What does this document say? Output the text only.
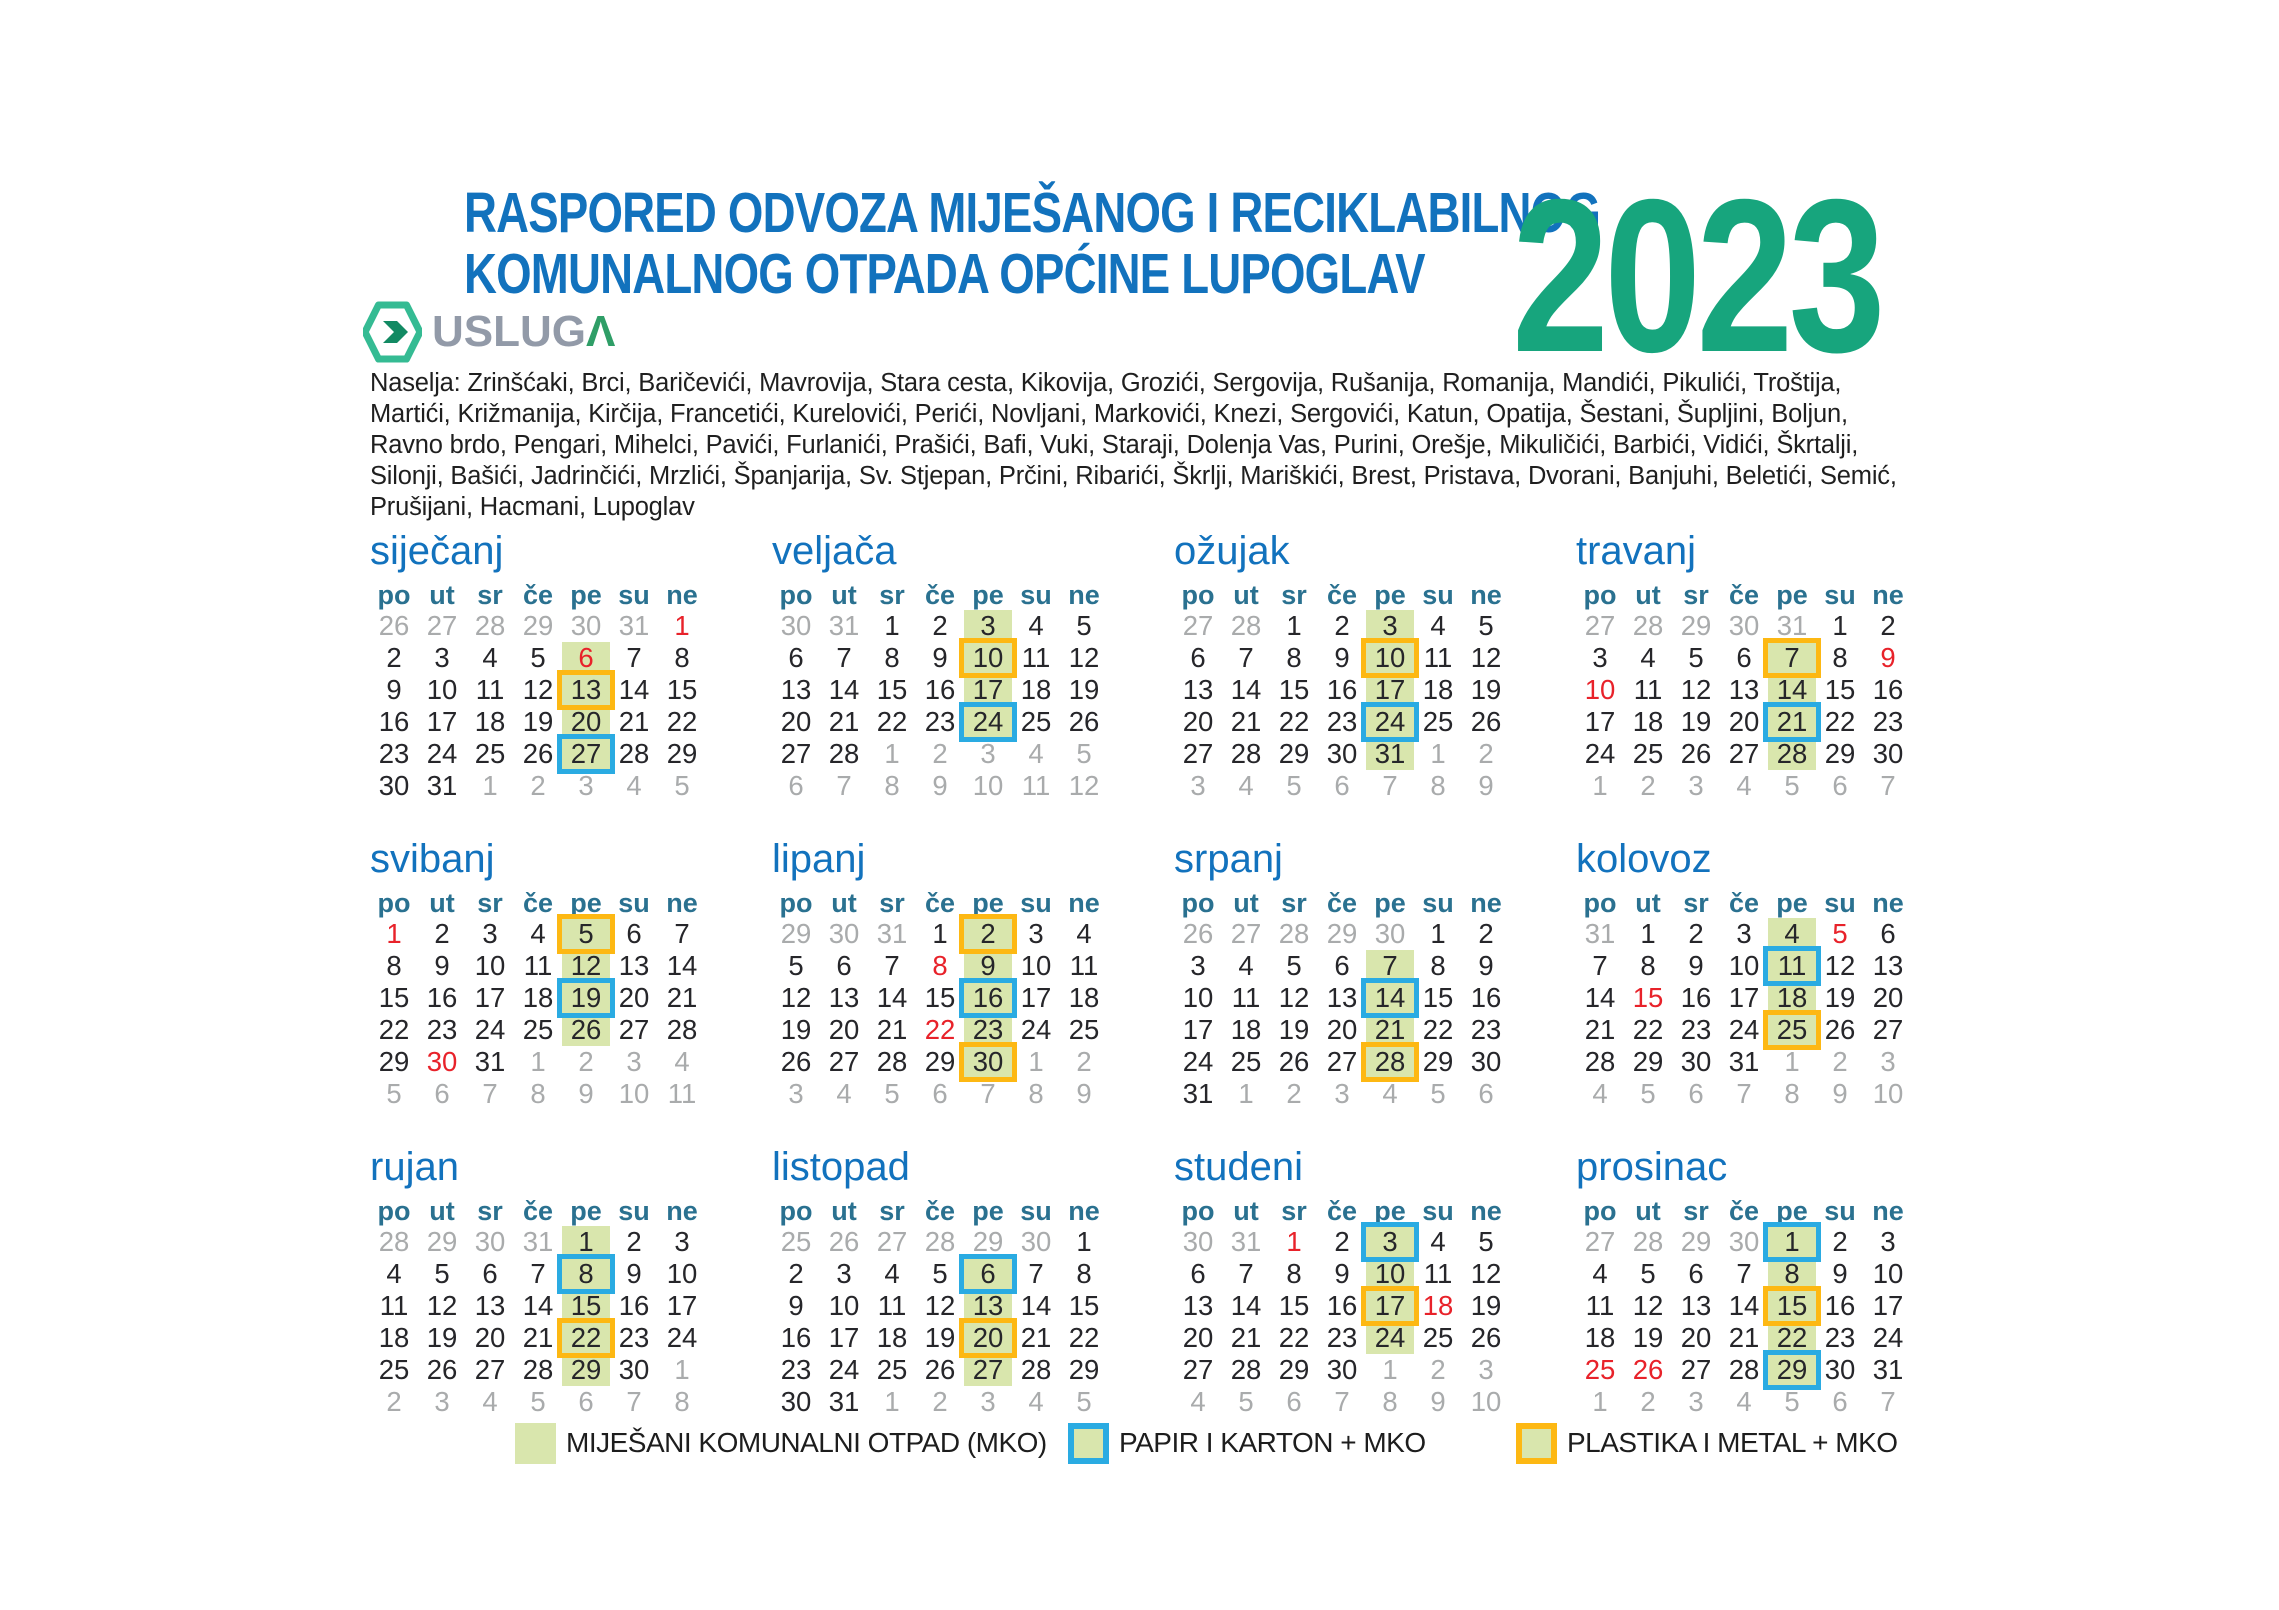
RASPORED ODVOZA MIJEŠANOG I RECIKLABILNOG
KOMUNALNOG OTPADA OPĆINE LUPOGLAV 2023
USLUGΛ
Naselja: Zrinšćaki, Brci, Baričevići, Mavrovija, Stara cesta, Kikovija, Grozići, Sergovija, Rušanija, Romanija, Mandići, Pikulići, Troštija, Martići, Križmanija, Kirčija, Francetići, Kurelovići, Perići, Novljani, Markovići, Knezi, Sergovići, Katun, Opatija, Šestani, Šupljini, Boljun, Ravno brdo, Pengari, Mihelci, Pavići, Furlanići, Prašići, Bafi, Vuki, Staraji, Dolenja Vas, Purini, Orešje, Mikuličići, Barbići, Vidići, Škrtalji, Silonji, Bašići, Jadrinčići, Mrzlići, Španjarija, Sv. Stjepan, Prčini, Ribarići, Škrlji, Mariškići, Brest, Pristava, Dvorani, Banjuhi, Beletići, Semić, Prušijani, Hacmani, Lupoglav
siječanj
po ut sr če pe su ne
26 27 28 29 30 31 1
2	3	4	5	6	7	8
9 10 11 12 13 14 15
16 17 18 19 20 21 22
23 24 25 26 27 28 29
30 31 1	2	3	4	5
veljača
po ut sr če pe su ne
30 31 1	2	3	4	5
6	7	8	9 10 11 12
13 14 15 16 17 18 19
20 21 22 23 24 25 26
27 28 1	2	3	4	5
6	7	8	9 10 11 12
ožujak
po ut sr če pe su ne
27 28 1	2	3	4	5
6	7	8	9 10 11 12
13 14 15 16 17 18 19
20 21 22 23 24 25 26
27 28 29 30 31 1	2
3	4	5	6	7	8	9
travanj
po ut sr če pe su ne
27 28 29 30 31 1	2
3	4	5	6	7	8	9
10 11 12 13 14 15 16
17 18 19 20 21 22 23
24 25 26 27 28 29 30
1	2	3	4	5	6	7
svibanj
po ut sr če pe su ne
1	2	3	4	5	6	7
8	9 10 11 12 13 14
15 16 17 18 19 20 21
22 23 24 25 26 27 28
29 30 31 1	2	3	4
5	6	7	8	9 10 11
lipanj
po ut sr če pe su ne
29 30 31 1	2	3	4
5	6	7	8	9 10 11
12 13 14 15 16 17 18
19 20 21 22 23 24 25
26 27 28 29 30 1	2
3	4	5	6	7	8	9
srpanj
po ut sr če pe su ne
26 27 28 29 30 1	2
3	4	5	6	7	8	9
10 11 12 13 14 15 16
17 18 19 20 21 22 23
24 25 26 27 28 29 30
31 1	2	3	4	5	6
kolovoz
po ut sr če pe su ne
31 1	2	3	4	5	6
7	8	9 10 11 12 13
14 15 16 17 18 19 20
21 22 23 24 25 26 27
28 29 30 31 1	2	3
4	5	6	7	8	9 10
rujan
po ut sr če pe su ne
28 29 30 31 1	2	3
4	5	6	7	8	9 10
11 12 13 14 15 16 17
18 19 20 21 22 23 24
25 26 27 28 29 30 1
2	3	4	5	6	7	8
listopad
po ut sr če pe su ne
25 26 27 28 29 30 1
2	3	4	5	6	7	8
9 10 11 12 13 14 15
16 17 18 19 20 21 22
23 24 25 26 27 28 29
30 31 1	2	3	4	5
studeni
po ut sr če pe su ne
30 31 1	2	3	4	5
6	7	8	9 10 11 12
13 14 15 16 17 18 19
20 21 22 23 24 25 26
27 28 29 30 1	2	3
4	5	6	7	8	9 10
prosinac
po ut sr če pe su ne
27 28 29 30 1	2	3
4	5	6	7	8	9 10
11 12 13 14 15 16 17
18 19 20 21 22 23 24
25 26 27 28 29 30 31
1	2	3	4	5	6	7
MIJEŠANI KOMUNALNI OTPAD (MKO)	PAPIR I KARTON + MKO	PLASTIKA I METAL + MKO
